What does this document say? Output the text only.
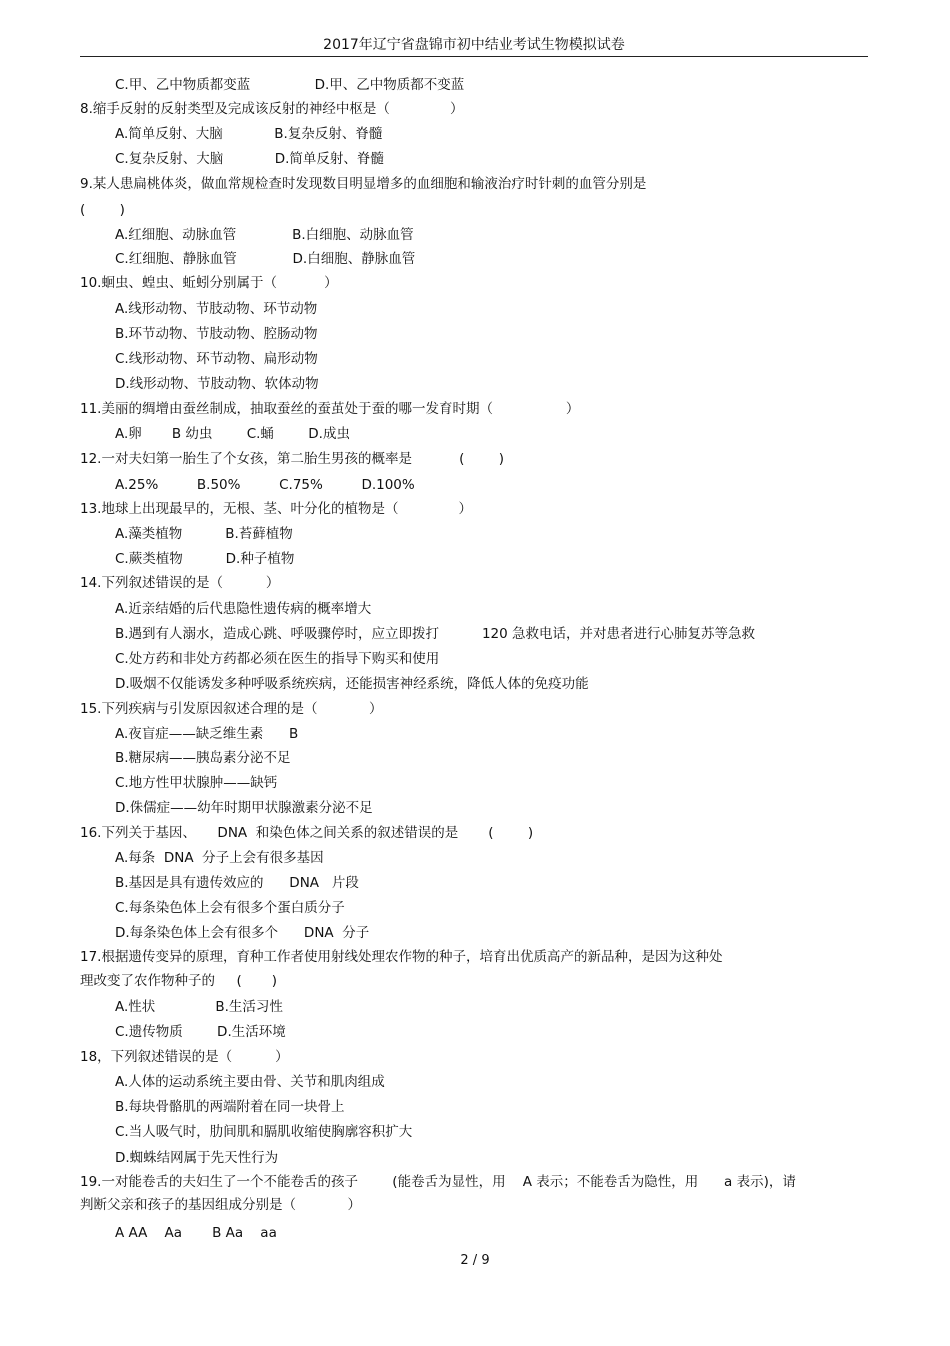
2017年辽宁省盘锦市初中结业考试生物模拟试卷
C.甲、乙中物质都变蓝               D.甲、乙中物质都不变蓝
8.缩手反射的反射类型及完成该反射的神经中枢是（              ）
A.简单反射、大脑            B.复杂反射、脊髓
C.复杂反射、大脑            D.简单反射、脊髓
9.某人患扁桃体炎，做血常规检查时发现数目明显增多的血细胞和输液治疗时针刺的血管分别是
(        )
A.红细胞、动脉血管             B.白细胞、动脉血管
C.红细胞、静脉血管             D.白细胞、静脉血管
10.蛔虫、蝗虫、蚯蚓分别属于（           ）
A.线形动物、节肢动物、环节动物
B.环节动物、节肢动物、腔肠动物
C.线形动物、环节动物、扁形动物
D.线形动物、节肢动物、软体动物
11.美丽的绸增由蚕丝制成，抽取蚕丝的蚕茧处于蚕的哪一发育时期（                 ）
A.卵       B 幼虫        C.蛹        D.成虫
12.一对夫妇第一胎生了个女孩，第二胎生男孩的概率是           (        )
A.25%         B.50%         C.75%         D.100%
13.地球上出现最早的，无根、茎、叶分化的植物是（              ）
A.藻类植物          B.苔藓植物
C.蕨类植物          D.种子植物
14.下列叙述错误的是（          ）
A.近亲结婚的后代患隐性遗传病的概率增大
B.遇到有人溺水，造成心跳、呼吸骤停时，应立即拨打          120 急救电话，并对患者进行心肺复苏等急救
C.处方药和非处方药都必须在医生的指导下购买和使用
D.吸烟不仅能诱发多种呼吸系统疾病，还能损害神经系统，降低人体的免疫功能
15.下列疾病与引发原因叙述合理的是（            ）
A.夜盲症——缺乏维生素      B
B.糖尿病——胰岛素分泌不足
C.地方性甲状腺肿——缺钙
D.侏儒症——幼年时期甲状腺激素分泌不足
16.下列关于基因、     DNA  和染色体之间关系的叙述错误的是       (        )
A.每条  DNA  分子上会有很多基因
B.基因是具有遗传效应的      DNA   片段
C.每条染色体上会有很多个蛋白质分子
D.每条染色体上会有很多个      DNA  分子
17.根据遗传变异的原理，育种工作者使用射线处理农作物的种子，培育出优质高产的新品种，是因为这种处
理改变了农作物种子的     (       )
A.性状              B.生活习性
C.遗传物质        D.生活环境
18，下列叙述错误的是（          ）
A.人体的运动系统主要由骨、关节和肌肉组成
B.每块骨骼肌的两端附着在同一块骨上
C.当人吸气时，肋间肌和膈肌收缩使胸廓容积扩大
D.蜘蛛结网属于先天性行为
19.一对能卷舌的夫妇生了一个不能卷舌的孩子        (能卷舌为显性，用    A 表示；不能卷舌为隐性，用      a 表示)，请
判断父亲和孩子的基因组成分别是（            ）
A AA    Aa       B Aa    aa
2 / 9
